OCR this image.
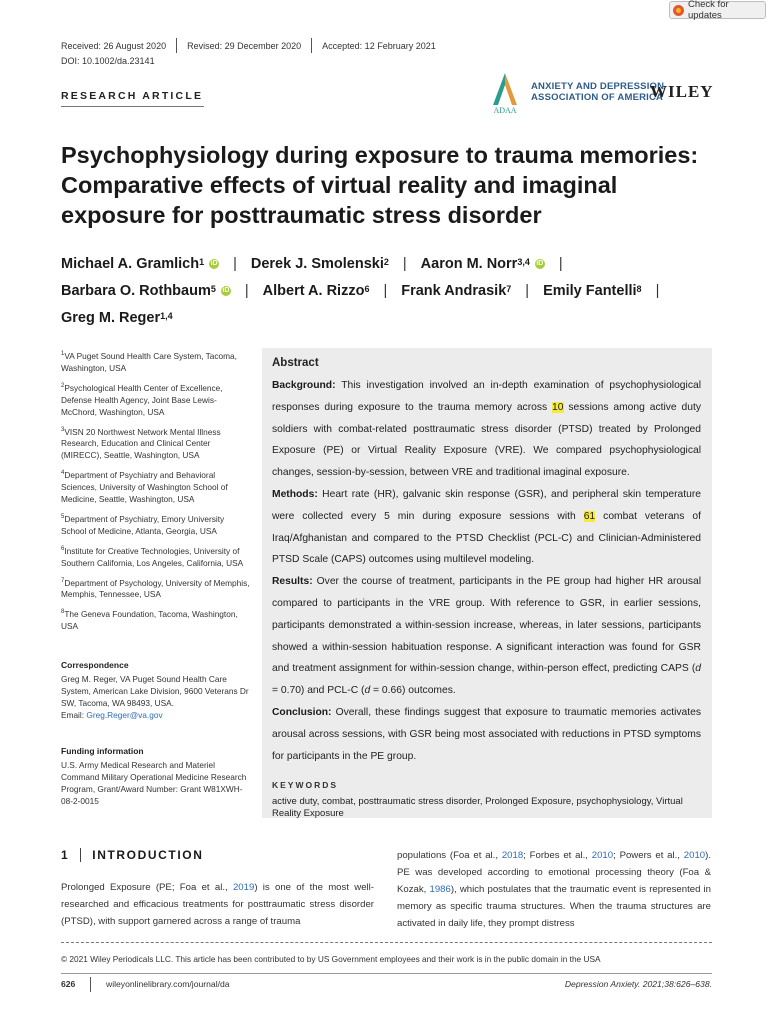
Check for updates
Received: 26 August 2020 Revised: 29 December 2020 Accepted: 12 February 2021
DOI: 10.1002/da.23141
RESEARCH ARTICLE
ADAA
ANXIETY AND DEPRESSION
ASSOCIATION OF AMERICA
WILEY
Psychophysiology during exposure to trauma memories: Comparative effects of virtual reality and imaginal exposure for posttraumatic stress disorder
Michael A. Gramlich$^1$ iD | Derek J. Smolenski$^2$ | Aaron M. Norr$^{3,4}$ iD |
Barbara O. Rothbaum$^5$ iD | Albert A. Rizzo$^6$ | Frank Andrasik$^7$ | Emily Fantelli$^8$ |
Greg M. Reger$^{1,4}$
$^1$VA Puget Sound Health Care System, Tacoma, Washington, USA
$^2$Psychological Health Center of Excellence, Defense Health Agency, Joint Base Lewis-McChord, Washington, USA
$^3$VISN 20 Northwest Network Mental Illness Research, Education and Clinical Center (MIRECC), Seattle, Washington, USA
$^4$Department of Psychiatry and Behavioral Sciences, University of Washington School of Medicine, Seattle, Washington, USA
$^5$Department of Psychiatry, Emory University School of Medicine, Atlanta, Georgia, USA
$^6$Institute for Creative Technologies, University of Southern California, Los Angeles, California, USA
$^7$Department of Psychology, University of Memphis, Memphis, Tennessee, USA
$^8$The Geneva Foundation, Tacoma, Washington, USA
Correspondence
Greg M. Reger, VA Puget Sound Health Care System, American Lake Division, 9600 Veterans Dr SW, Tacoma, WA 98493, USA.
Email: Greg.Reger@va.gov
Funding information
U.S. Army Medical Research and Materiel Command Military Operational Medicine Research Program, Grant/Award Number: Grant W81XWH-08-2-0015
Abstract
Background: This investigation involved an in-depth examination of psychophysiological responses during exposure to the trauma memory across 10 sessions among active duty soldiers with combat-related posttraumatic stress disorder (PTSD) treated by Prolonged Exposure (PE) or Virtual Reality Exposure (VRE). We compared psychophysiological changes, session-by-session, between VRE and traditional imaginal exposure.
Methods: Heart rate (HR), galvanic skin response (GSR), and peripheral skin temperature were collected every 5 min during exposure sessions with 61 combat veterans of Iraq/Afghanistan and compared to the PTSD Checklist (PCL-C) and Clinician-Administered PTSD Scale (CAPS) outcomes using multilevel modeling.
Results: Over the course of treatment, participants in the PE group had higher HR arousal compared to participants in the VRE group. With reference to GSR, in earlier sessions, participants demonstrated a within-session increase, whereas, in later sessions, participants showed a within-session habituation response. A significant interaction was found for GSR and treatment assignment for within-session change, within-person effect, predicting CAPS (d = 0.70) and PCL-C (d = 0.66) outcomes.
Conclusion: Overall, these findings suggest that exposure to traumatic memories activates arousal across sessions, with GSR being most associated with reductions in PTSD symptoms for participants in the PE group.
KEYWORDS
active duty, combat, posttraumatic stress disorder, Prolonged Exposure, psychophysiology, Virtual Reality Exposure
1 INTRODUCTION
Prolonged Exposure (PE; Foa et al., 2019) is one of the most well-researched and efficacious treatments for posttraumatic stress disorder (PTSD), with support garnered across a range of trauma
populations (Foa et al., 2018; Forbes et al., 2010; Powers et al., 2010). PE was developed according to emotional processing theory (Foa & Kozak, 1986), which postulates that the traumatic event is represented in memory as specific trauma structures. When the trauma structures are activated in daily life, they prompt distress
© 2021 Wiley Periodicals LLC. This article has been contributed to by US Government employees and their work is in the public domain in the USA
626	wileyonlinelibrary.com/journal/da	Depression Anxiety. 2021;38:626–638.
